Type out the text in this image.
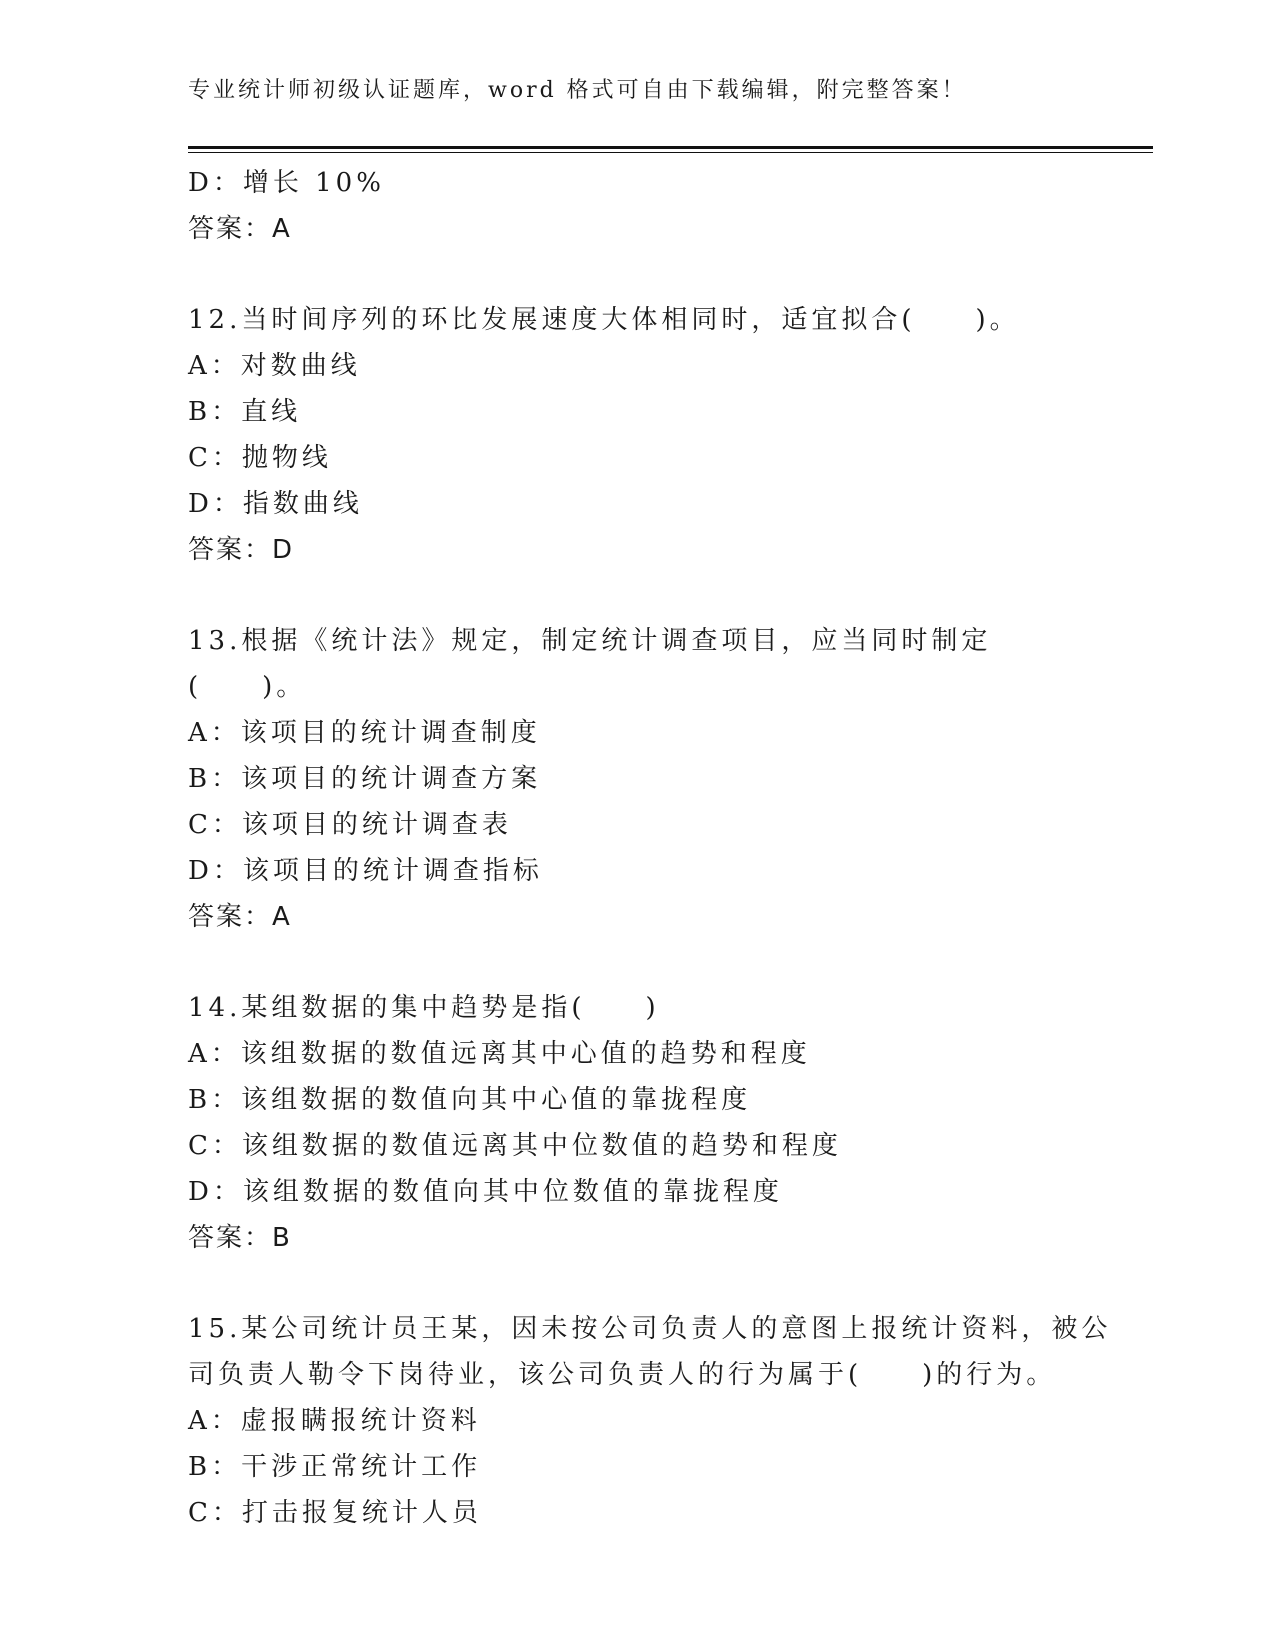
专业统计师初级认证题库，word 格式可自由下载编辑，附完整答案！

D：增长 10%

答案：A

12.当时间序列的环比发展速度大体相同时，适宜拟合(　　)。

A：对数曲线

B：直线

C：抛物线

D：指数曲线

答案：D

13.根据《统计法》规定，制定统计调查项目，应当同时制定(　　)。

A：该项目的统计调查制度

B：该项目的统计调查方案

C：该项目的统计调查表

D：该项目的统计调查指标

答案：A

14.某组数据的集中趋势是指(　　)

A：该组数据的数值远离其中心值的趋势和程度

B：该组数据的数值向其中心值的靠拢程度

C：该组数据的数值远离其中位数值的趋势和程度

D：该组数据的数值向其中位数值的靠拢程度

答案：B

15.某公司统计员王某，因未按公司负责人的意图上报统计资料，被公

司负责人勒令下岗待业，该公司负责人的行为属于(　　)的行为。

A：虚报瞒报统计资料

B：干涉正常统计工作

C：打击报复统计人员
